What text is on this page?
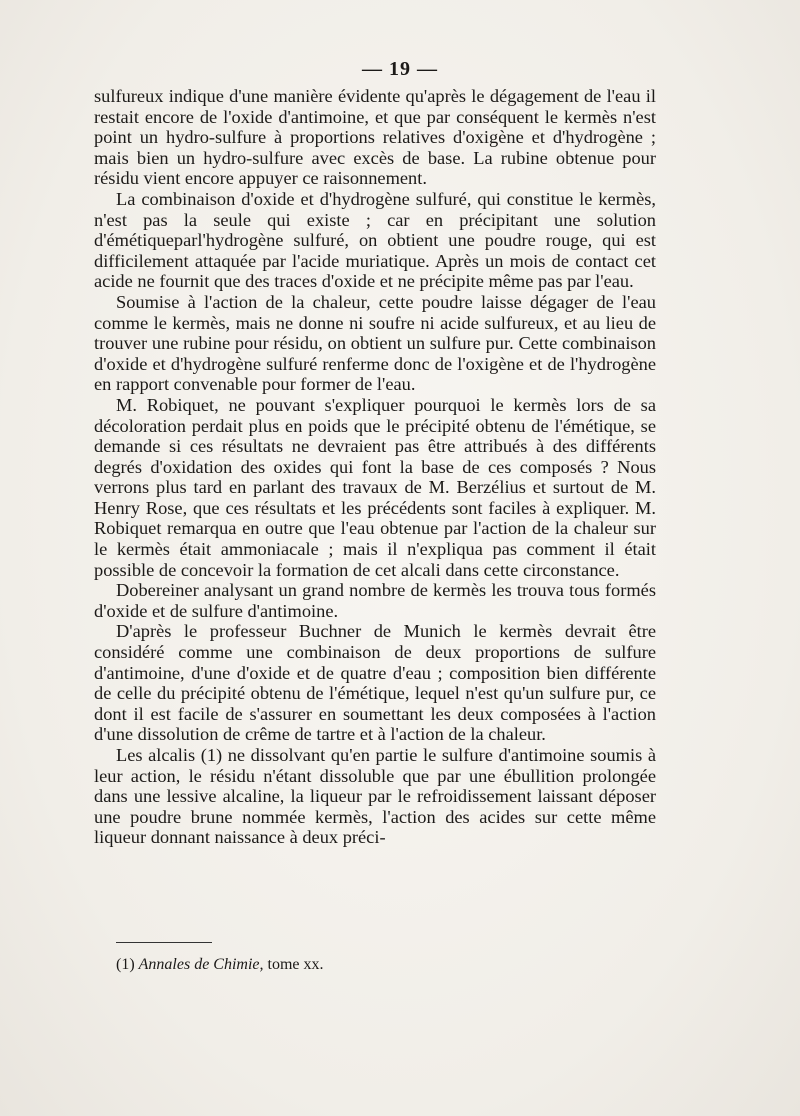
— 19 —

sulfureux indique d'une manière évidente qu'après le dégagement de l'eau il restait encore de l'oxide d'antimoine, et que par conséquent le kermès n'est point un hydro-sulfure à proportions relatives d'oxigène et d'hydrogène ; mais bien un hydro-sulfure avec excès de base. La rubine obtenue pour résidu vient encore appuyer ce raisonnement.

La combinaison d'oxide et d'hydrogène sulfuré, qui constitue le kermès, n'est pas la seule qui existe ; car en précipitant une solution d'émétiqueparl'hydrogène sulfuré, on obtient une poudre rouge, qui est difficilement attaquée par l'acide muriatique. Après un mois de contact cet acide ne fournit que des traces d'oxide et ne précipite même pas par l'eau.

Soumise à l'action de la chaleur, cette poudre laisse dégager de l'eau comme le kermès, mais ne donne ni soufre ni acide sulfureux, et au lieu de trouver une rubine pour résidu, on obtient un sulfure pur. Cette combinaison d'oxide et d'hydrogène sulfuré renferme donc de l'oxigène et de l'hydrogène en rapport convenable pour former de l'eau.

M. Robiquet, ne pouvant s'expliquer pourquoi le kermès lors de sa décoloration perdait plus en poids que le précipité obtenu de l'émétique, se demande si ces résultats ne devraient pas être attribués à des différents degrés d'oxidation des oxides qui font la base de ces composés ? Nous verrons plus tard en parlant des travaux de M. Berzélius et surtout de M. Henry Rose, que ces résultats et les précédents sont faciles à expliquer. M. Robiquet remarqua en outre que l'eau obtenue par l'action de la chaleur sur le kermès était ammoniacale ; mais il n'expliqua pas comment il était possible de concevoir la formation de cet alcali dans cette circonstance.

Dobereiner analysant un grand nombre de kermès les trouva tous formés d'oxide et de sulfure d'antimoine.

D'après le professeur Buchner de Munich le kermès devrait être considéré comme une combinaison de deux proportions de sulfure d'antimoine, d'une d'oxide et de quatre d'eau ; composition bien différente de celle du précipité obtenu de l'émétique, lequel n'est qu'un sulfure pur, ce dont il est facile de s'assurer en soumettant les deux composées à l'action d'une dissolution de crême de tartre et à l'action de la chaleur.

Les alcalis (1) ne dissolvant qu'en partie le sulfure d'antimoine soumis à leur action, le résidu n'étant dissoluble que par une ébullition prolongée dans une lessive alcaline, la liqueur par le refroidissement laissant déposer une poudre brune nommée kermès, l'action des acides sur cette même liqueur donnant naissance à deux préci-

(1) Annales de Chimie, tome xx.
